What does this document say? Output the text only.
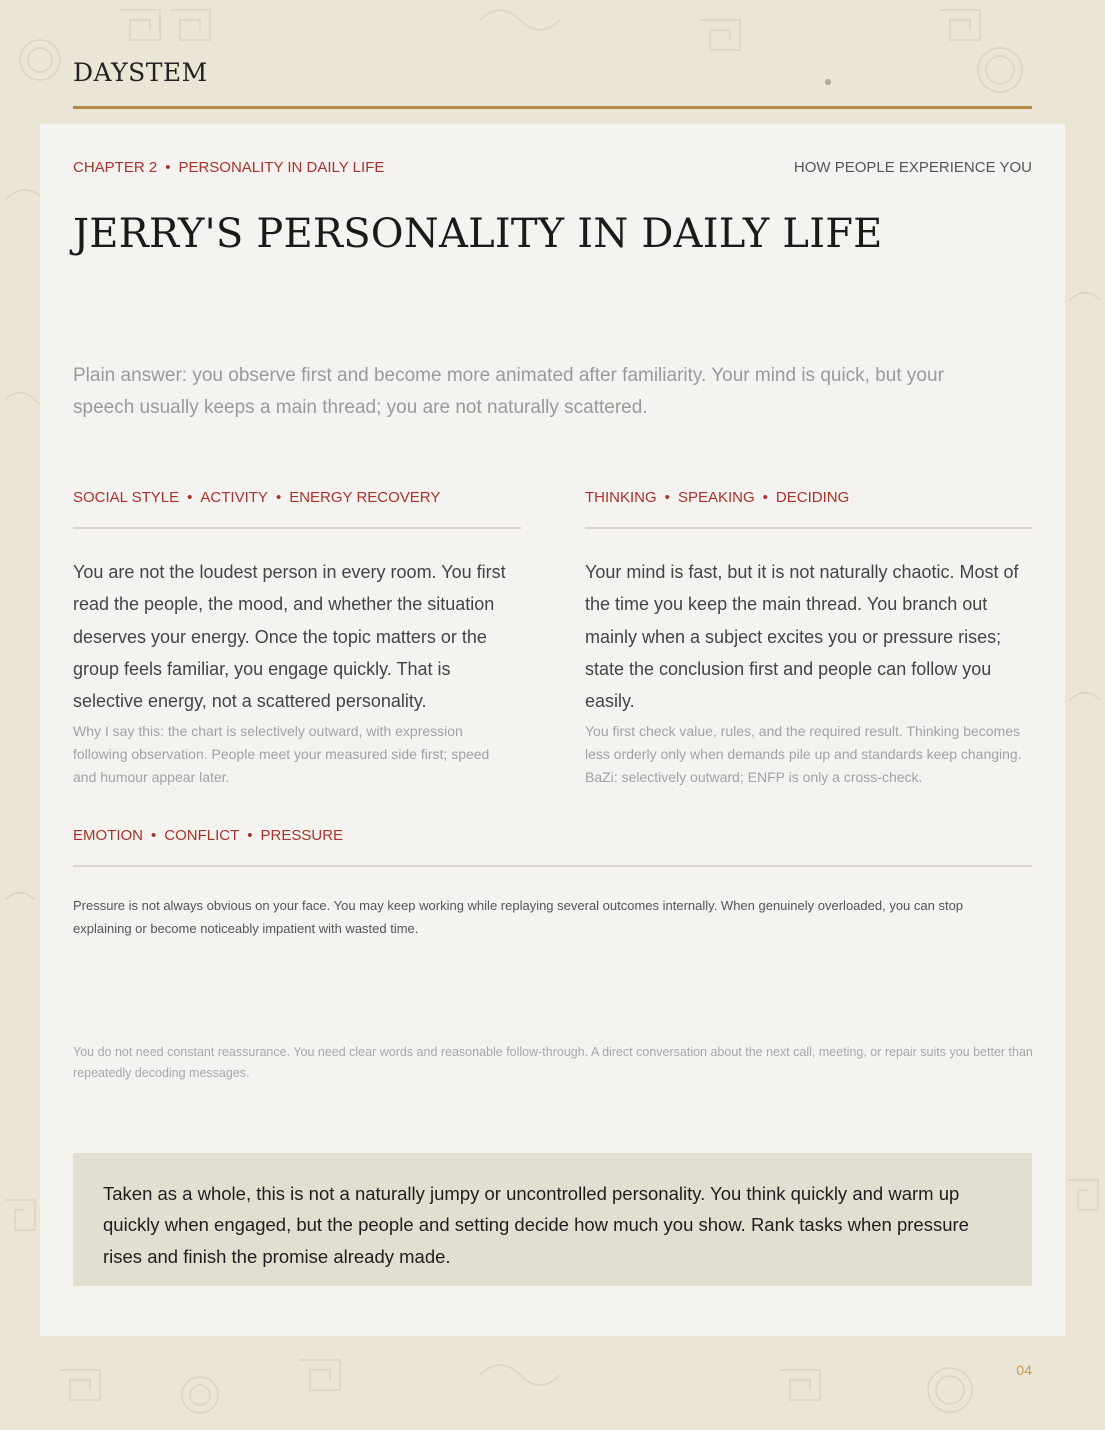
DAYSTEM
CHAPTER 2 • PERSONALITY IN DAILY LIFE	HOW PEOPLE EXPERIENCE YOU
JERRY'S PERSONALITY IN DAILY LIFE

Plain answer: you observe first and become more animated after familiarity. Your mind is quick, but your speech usually keeps a main thread; you are not naturally scattered.

SOCIAL STYLE • ACTIVITY • ENERGY RECOVERY

You are not the loudest person in every room. You first read the people, the mood, and whether the situation deserves your energy. Once the topic matters or the group feels familiar, you engage quickly. That is selective energy, not a scattered personality.

Why I say this: the chart is selectively outward, with expression following observation. People meet your measured side first; speed and humour appear later.

THINKING • SPEAKING • DECIDING

Your mind is fast, but it is not naturally chaotic. Most of the time you keep the main thread. You branch out mainly when a subject excites you or pressure rises; state the conclusion first and people can follow you easily.

You first check value, rules, and the required result. Thinking becomes less orderly only when demands pile up and standards keep changing. BaZi: selectively outward; ENFP is only a cross-check.

EMOTION • CONFLICT • PRESSURE

Pressure is not always obvious on your face. You may keep working while replaying several outcomes internally. When genuinely overloaded, you can stop explaining or become noticeably impatient with wasted time.

You do not need constant reassurance. You need clear words and reasonable follow-through. A direct conversation about the next call, meeting, or repair suits you better than repeatedly decoding messages.

Taken as a whole, this is not a naturally jumpy or uncontrolled personality. You think quickly and warm up quickly when engaged, but the people and setting decide how much you show. Rank tasks when pressure rises and finish the promise already made.

04
